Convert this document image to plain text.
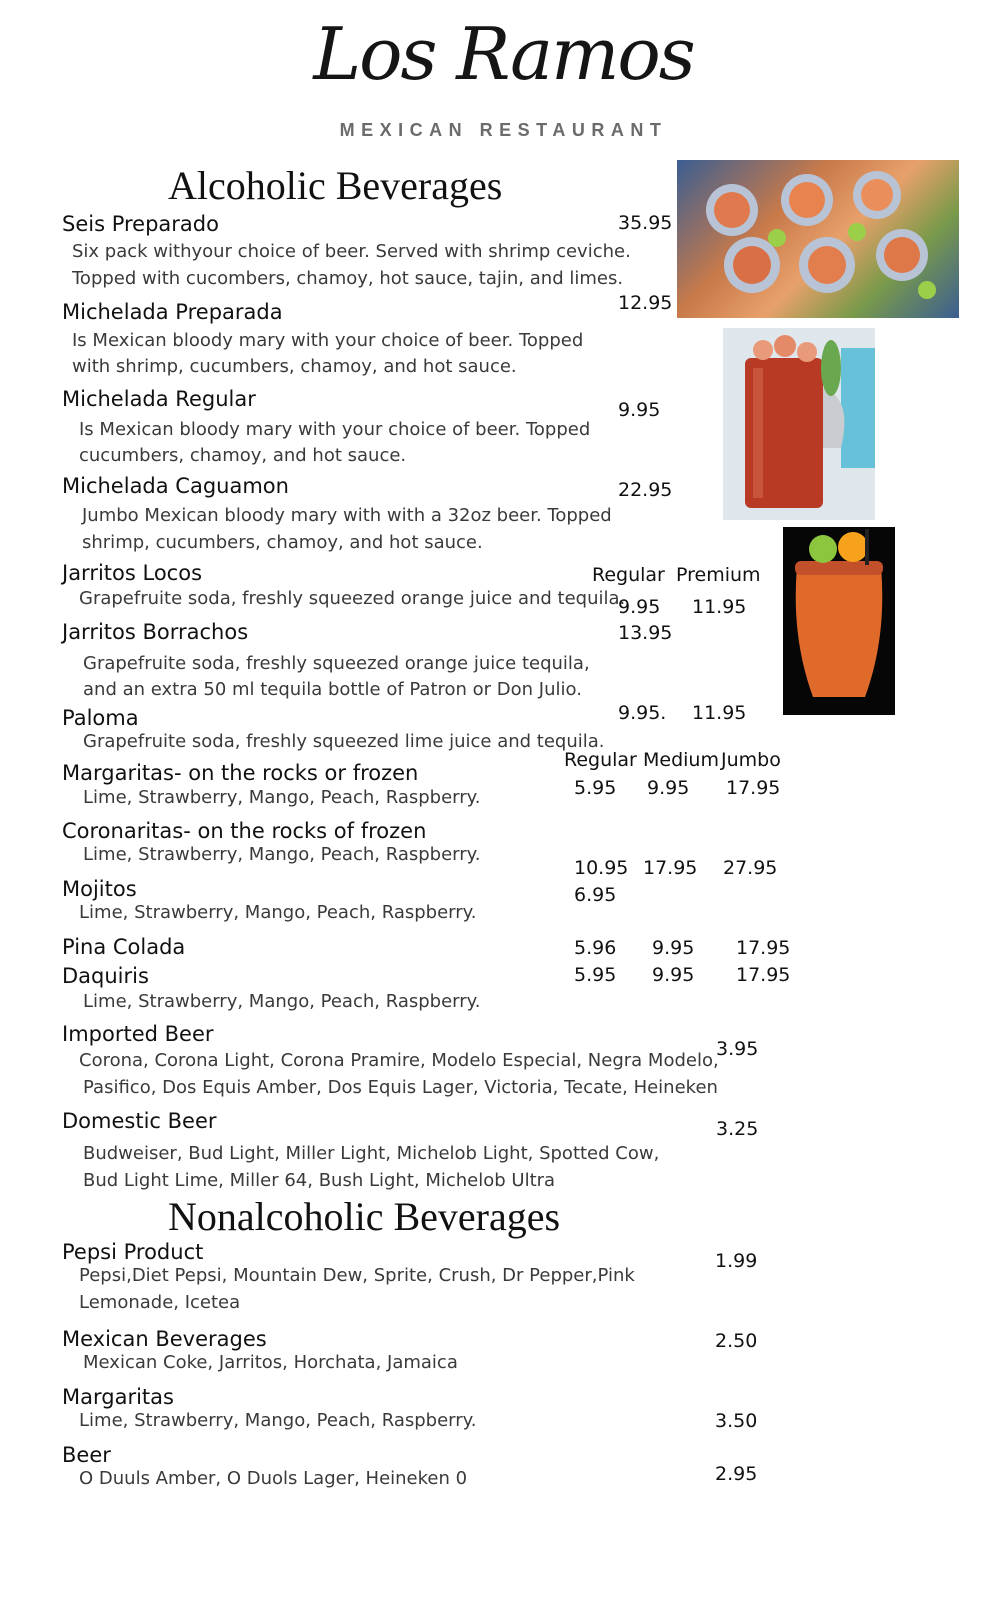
Los Ramos
MEXICAN RESTAURANT
Alcoholic Beverages
Seis Preparado
Six pack withyour choice of beer. Served with shrimp ceviche.
Topped with cucombers, chamoy, hot sauce, tajin, and limes.
35.95
Michelada Preparada
Is Mexican bloody mary with your choice of beer. Topped
with shrimp, cucumbers, chamoy, and hot sauce.
12.95
Michelada Regular
Is Mexican bloody mary with your choice of beer. Topped
cucumbers, chamoy, and hot sauce.
9.95
Michelada Caguamon
Jumbo Mexican bloody mary with with a 32oz beer. Topped
shrimp, cucumbers, chamoy, and hot sauce.
22.95
Regular Premium
Jarritos Locos
Grapefruite soda, freshly squeezed orange juice and tequila.
9.95 11.95
Jarritos Borrachos
Grapefruite soda, freshly squeezed orange juice tequila,
and an extra 50 ml tequila bottle of Patron or Don Julio.
13.95
Paloma
Grapefruite soda, freshly squeezed lime juice and tequila.
9.95. 11.95
Regular Medium Jumbo
Margaritas- on the rocks or frozen
Lime, Strawberry, Mango, Peach, Raspberry.	5.95 9.95 17.95
Coronaritas- on the rocks of frozen
Lime, Strawberry, Mango, Peach, Raspberry.
10.95 17.95 27.95
Mojitos
Lime, Strawberry, Mango, Peach, Raspberry.
6.95
Pina Colada	5.96 9.95 17.95
Daquiris
Lime, Strawberry, Mango, Peach, Raspberry.
5.95 9.95 17.95
Imported Beer
Corona, Corona Light, Corona Pramire, Modelo Especial, Negra Modelo,
Pasifico, Dos Equis Amber, Dos Equis Lager, Victoria, Tecate, Heineken
3.95
Domestic Beer
Budweiser, Bud Light, Miller Light, Michelob Light, Spotted Cow,
Bud Light Lime, Miller 64, Bush Light, Michelob Ultra
3.25
Nonalcoholic Beverages
Pepsi Product
Pepsi,Diet Pepsi, Mountain Dew, Sprite, Crush, Dr Pepper,Pink
Lemonade, Icetea
1.99
Mexican Beverages
Mexican Coke, Jarritos, Horchata, Jamaica
2.50
Margaritas
Lime, Strawberry, Mango, Peach, Raspberry.	3.50
Beer
O Duuls Amber, O Duols Lager, Heineken 0	2.95
